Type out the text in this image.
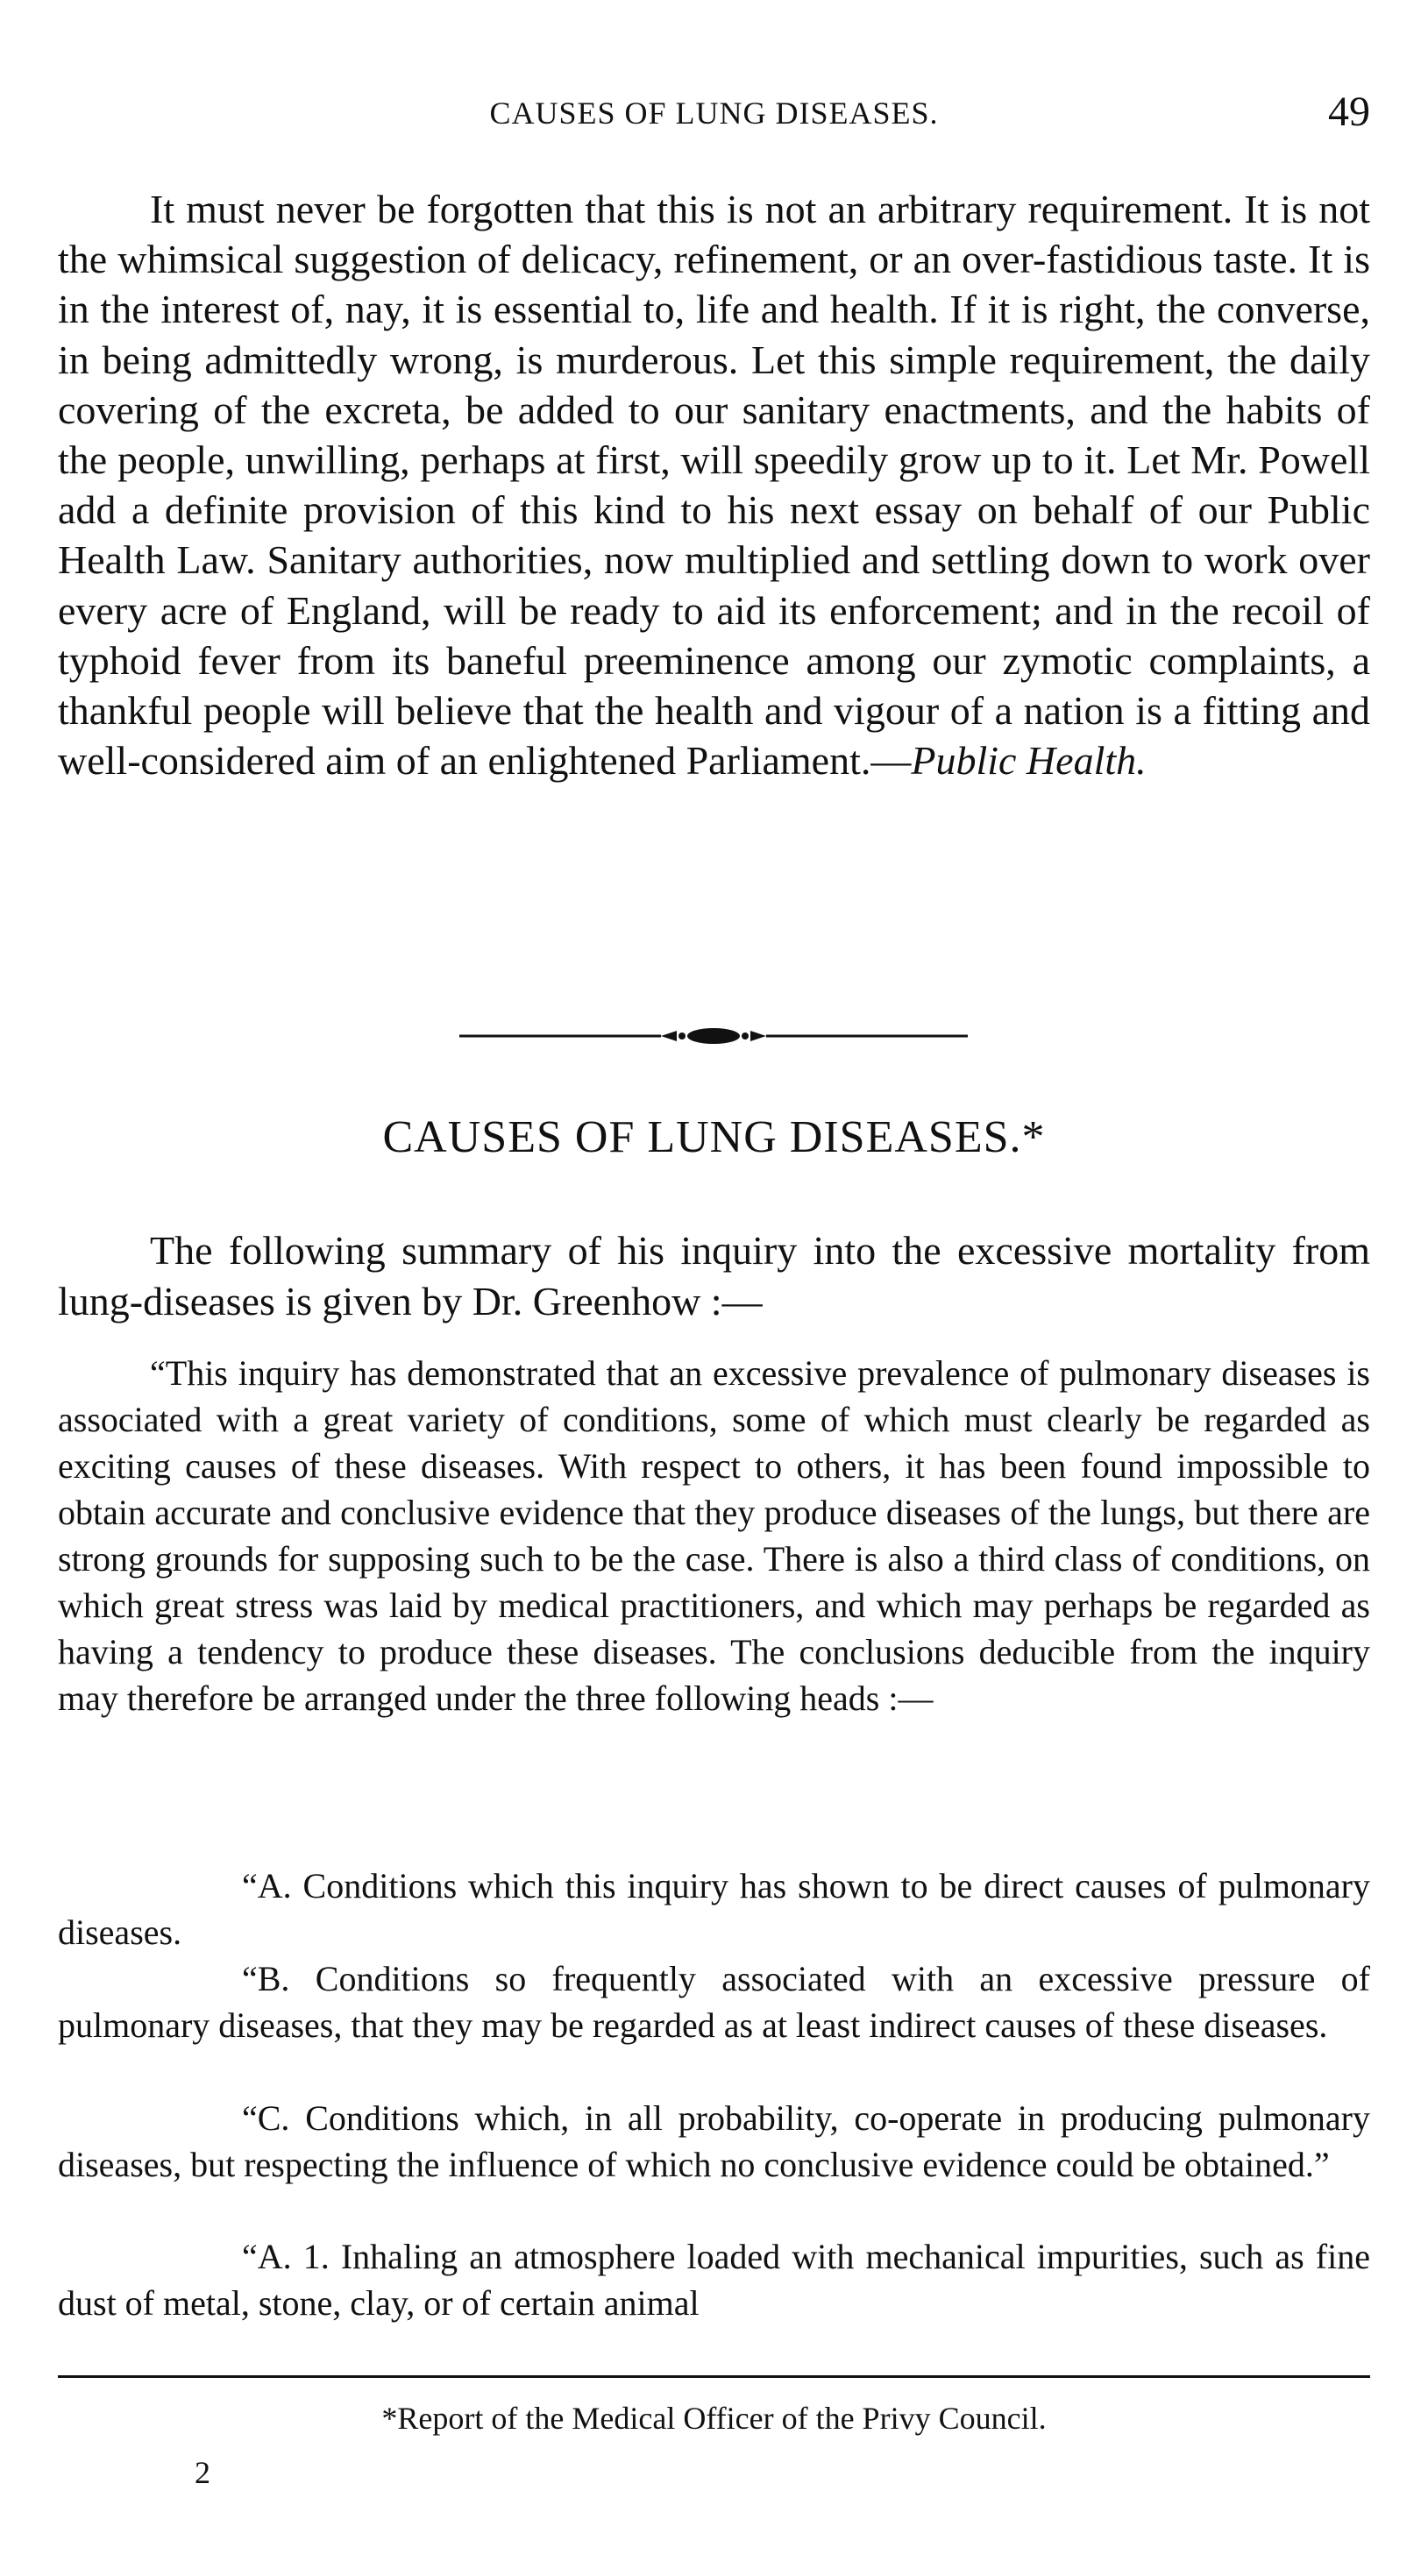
CAUSES OF LUNG DISEASES.	49

It must never be forgotten that this is not an arbitrary requirement. It is not the whimsical suggestion of delicacy, refinement, or an over-fastidious taste. It is in the interest of, nay, it is essential to, life and health. If it is right, the converse, in being admittedly wrong, is murderous. Let this simple requirement, the daily covering of the excreta, be added to our sanitary enactments, and the habits of the people, unwilling, perhaps at first, will speedily grow up to it. Let Mr. Powell add a definite provision of this kind to his next essay on behalf of our Public Health Law. Sanitary authorities, now multiplied and settling down to work over every acre of England, will be ready to aid its enforcement; and in the recoil of typhoid fever from its baneful preeminence among our zymotic complaints, a thankful people will believe that the health and vigour of a nation is a fitting and well-considered aim of an enlightened Parliament.—Public Health.

CAUSES OF LUNG DISEASES.*

The following summary of his inquiry into the excessive mortality from lung-diseases is given by Dr. Greenhow :—

“This inquiry has demonstrated that an excessive prevalence of pulmonary diseases is associated with a great variety of conditions, some of which must clearly be regarded as exciting causes of these diseases. With respect to others, it has been found impossible to obtain accurate and conclusive evidence that they produce diseases of the lungs, but there are strong grounds for supposing such to be the case. There is also a third class of conditions, on which great stress was laid by medical practitioners, and which may perhaps be regarded as having a tendency to produce these diseases. The conclusions deducible from the inquiry may therefore be arranged under the three following heads :—

“A. Conditions which this inquiry has shown to be direct causes of pulmonary diseases.

“B. Conditions so frequently associated with an excessive pressure of pulmonary diseases, that they may be regarded as at least indirect causes of these diseases.

“C. Conditions which, in all probability, co-operate in producing pulmonary diseases, but respecting the influence of which no conclusive evidence could be obtained.”

“A. 1. Inhaling an atmosphere loaded with mechanical impurities, such as fine dust of metal, stone, clay, or of certain animal

*Report of the Medical Officer of the Privy Council.
2
